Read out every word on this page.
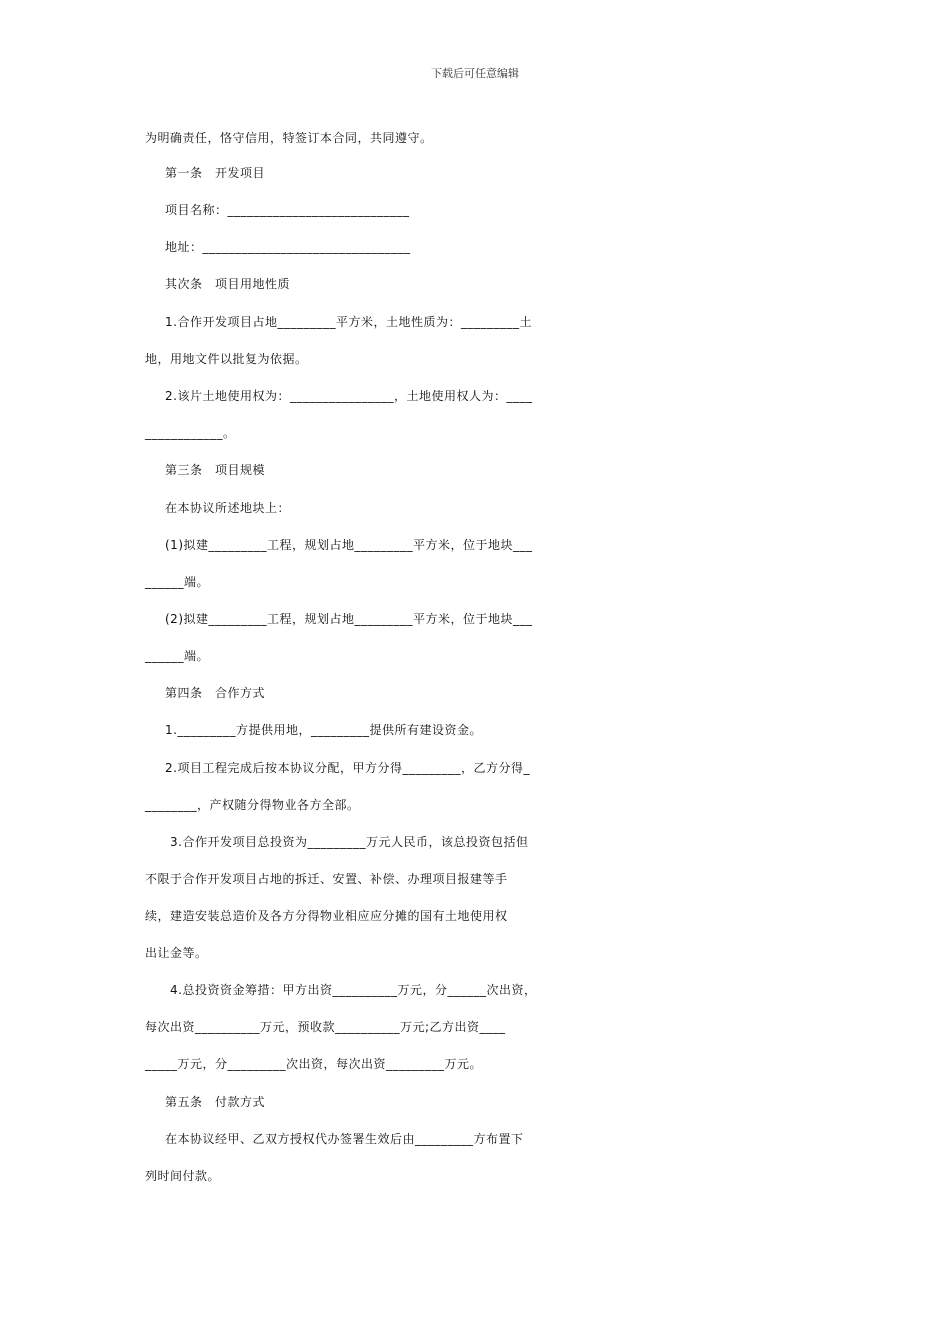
下载后可任意编辑
为明确责任，恪守信用，特签订本合同，共同遵守。
第一条　开发项目
项目名称：____________________________
地址：________________________________
其次条　项目用地性质
1.合作开发项目占地_________平方米，土地性质为：_________土
地，用地文件以批复为依据。
2.该片土地使用权为：________________，土地使用权人为：____
____________。
第三条　项目规模
在本协议所述地块上：
(1)拟建_________工程，规划占地_________平方米，位于地块___
______端。
(2)拟建_________工程，规划占地_________平方米，位于地块___
______端。
第四条　合作方式
1._________方提供用地，_________提供所有建设资金。
2.项目工程完成后按本协议分配，甲方分得_________，乙方分得_
________，产权随分得物业各方全部。
3.合作开发项目总投资为_________万元人民币，该总投资包括但
不限于合作开发项目占地的拆迁、安置、补偿、办理项目报建等手
续，建造安装总造价及各方分得物业相应应分摊的国有土地使用权
出让金等。
4.总投资资金筹措：甲方出资__________万元，分______次出资，
每次出资__________万元，预收款__________万元;乙方出资____
_____万元，分_________次出资，每次出资_________万元。
第五条　付款方式
在本协议经甲、乙双方授权代办签署生效后由_________方布置下
列时间付款。
